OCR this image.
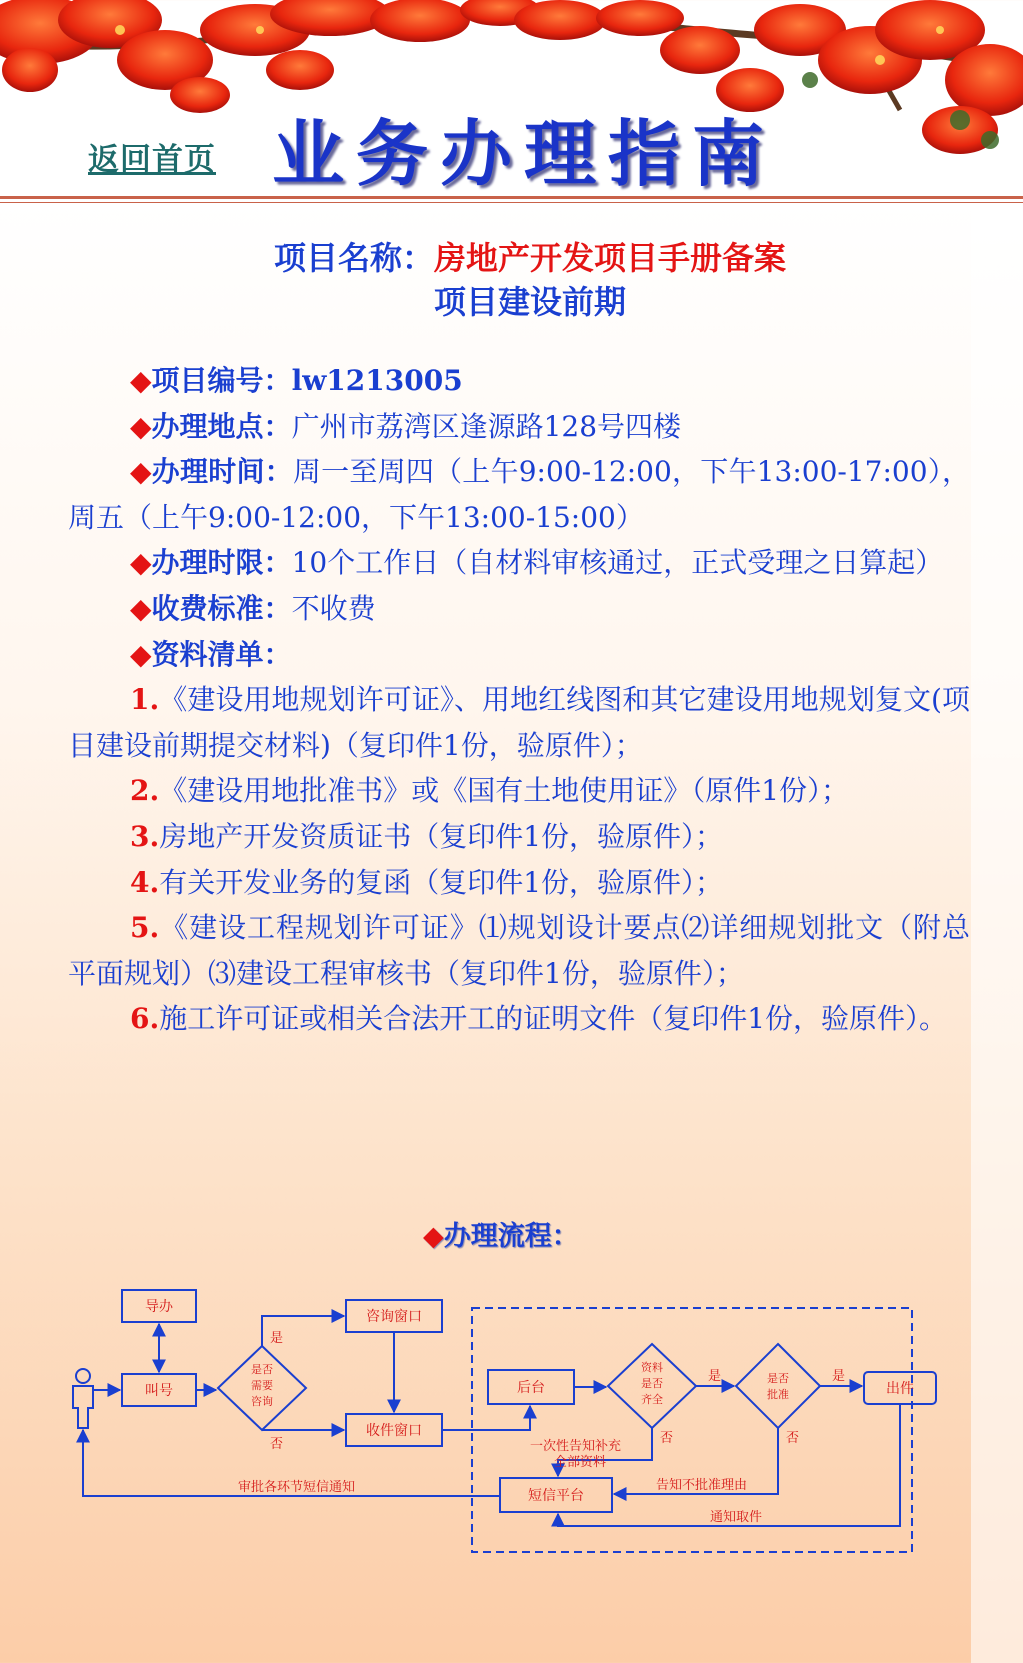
返回首页 业务办理指南
项目名称：房地产开发项目手册备案
项目建设前期

◆项目编号：lw1213005

◆办理地点：广州市荔湾区逢源路128号四楼

◆办理时间：周一至周四（上午9:00-12:00，下午13:00-17:00），周五（上午9:00-12:00，下午13:00-15:00）

◆办理时限：10个工作日（自材料审核通过，正式受理之日算起）

◆收费标准：不收费

◆资料清单：

1.《建设用地规划许可证》、用地红线图和其它建设用地规划复文(项目建设前期提交材料)（复印件1份，验原件）；

2.《建设用地批准书》或《国有土地使用证》（原件1份）；

3.房地产开发资质证书（复印件1份，验原件）；

4.有关开发业务的复函（复印件1份，验原件）；

5.《建设工程规划许可证》⑴规划设计要点⑵详细规划批文（附总平面规划）⑶建设工程审核书（复印件1份，验原件）；

6.施工许可证或相关合法开工的证明文件（复印件1份，验原件）。

◆办理流程：
导办
叫号
咨询窗口
收件窗口
后台
短信平台
出件
是否
需要
咨询
资料
是否
齐全
是否
批准
是
否
是
否
是
否
一次性告知补充
全部资料
告知不批准理由
通知取件
审批各环节短信通知
